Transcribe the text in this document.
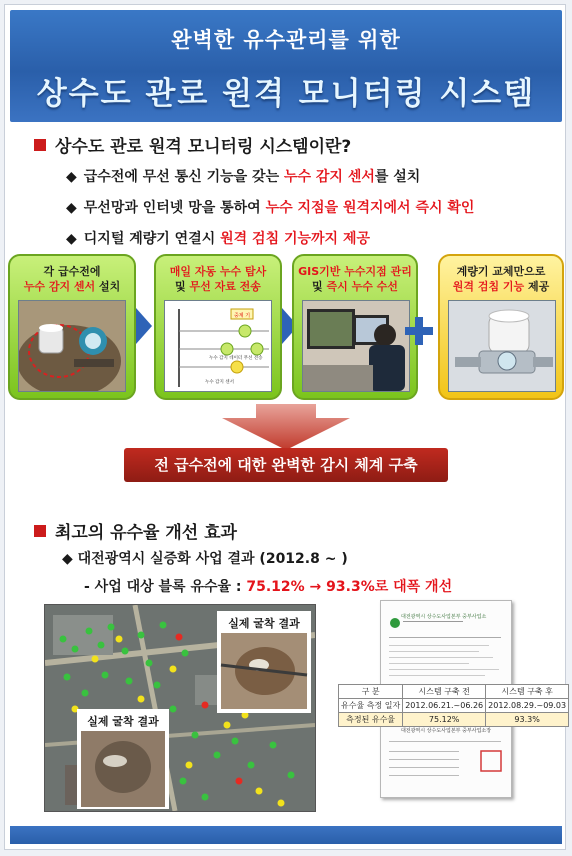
완벽한 유수관리를 위한
상수도 관로 원격 모니터링 시스템
상수도 관로 원격 모니터링 시스템이란?
◆ 급수전에 무선 통신 기능을 갖는 누수 감지 센서를 설치
◆ 무선망과 인터넷 망을 통하여 누수 지점을 원격지에서 즉시 확인
◆ 디지털 계량기 연결시 원격 검침 기능까지 제공
각 급수전에
누수 감지 센서 설치
매일 자동 누수 탐사
및 무선 자료 전송
중계 기
누수 감지 데이터 무선 전송
누수 감지 센서
GIS기반 누수지점 관리
및 즉시 누수 수선
계량기 교체만으로
원격 검침 기능 제공
전 급수전에 대한 완벽한 감시 체계 구축
최고의 유수율 개선 효과
◆ 대전광역시 실증화 사업 결과 (2012.8 ~ )
- 사업 대상 블록 유수율 : 75.12% → 93.3%로 대폭 개선
실제 굴착 결과
실제 굴착 결과
대전광역시 상수도사업본부 중부사업소
대전광역시 상수도사업본부 중부사업소장
구 분	시스템 구축 전	시스템 구축 후
유수율 측정 일자	2012.06.21.~06.26	2012.08.29.~09.03
측정된 유수율	75.12%	93.3%
